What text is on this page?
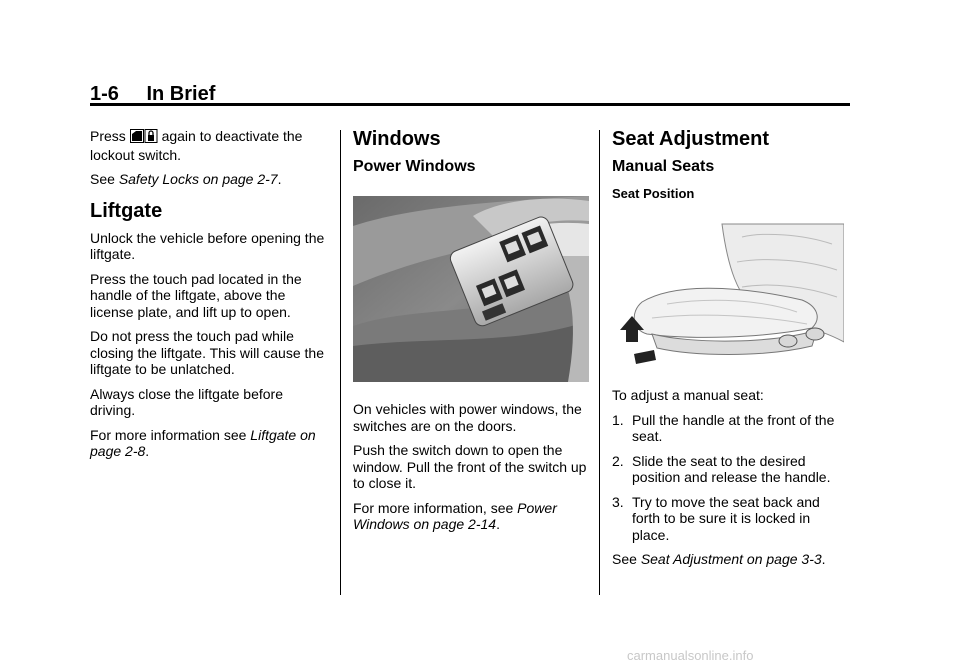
1-6 In Brief

Press  again to deactivate the lockout switch.

See Safety Locks on page 2-7.

Liftgate

Unlock the vehicle before opening the liftgate.

Press the touch pad located in the handle of the liftgate, above the license plate, and lift up to open.

Do not press the touch pad while closing the liftgate. This will cause the liftgate to be unlatched.

Always close the liftgate before driving.

For more information see Liftgate on page 2-8.

Windows
Power Windows

On vehicles with power windows, the switches are on the doors.

Push the switch down to open the window. Pull the front of the switch up to close it.

For more information, see Power Windows on page 2-14.

Seat Adjustment
Manual Seats
Seat Position

To adjust a manual seat:

1. Pull the handle at the front of the seat.
2. Slide the seat to the desired position and release the handle.
3. Try to move the seat back and forth to be sure it is locked in place.

See Seat Adjustment on page 3-3.

carmanualsonline.info
